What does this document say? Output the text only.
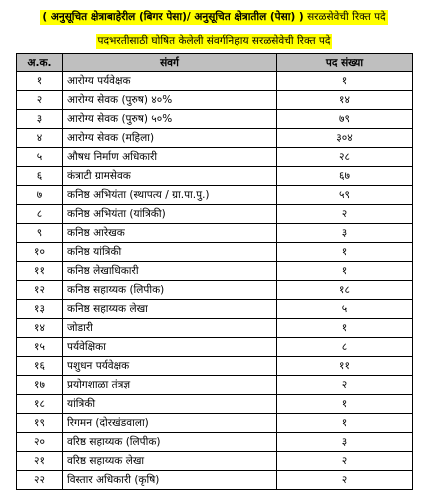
( अनुसूचित क्षेत्राबाहेरील (बिगर पेसा)/ अनुसूचित क्षेत्रातील (पेसा) ) सरळसेवेची रिक्त पदे
पदभरतीसाठी घोषित केलेली संवर्गनिहाय सरळसेवेची रिक्त पदे
अ.क.	संवर्ग	पद संख्या
१	आरोग्य पर्यवेक्षक	१
२	आरोग्य सेवक (पुरुष) ४०%	१४
३	आरोग्य सेवक (पुरुष) ५०%	७९
४	आरोग्य सेवक (महिला)	३०४
५	औषध निर्माण अधिकारी	२८
६	कंत्राटी ग्रामसेवक	६७
७	कनिष्ठ अभियंता (स्थापत्य / ग्रा.पा.पु.)	५९
८	कनिष्ठ अभियंता (यांत्रिकी)	२
९	कनिष्ठ आरेखक	३
१०	कनिष्ठ यांत्रिकी	१
११	कनिष्ठ लेखाधिकारी	१
१२	कनिष्ठ सहाय्यक (लिपीक)	१८
१३	कनिष्ठ सहाय्यक लेखा	५
१४	जोडारी	१
१५	पर्यवेक्षिका	८
१६	पशुधन पर्यवेक्षक	११
१७	प्रयोगशाळा तंत्रज्ञ	२
१८	यांत्रिकी	१
१९	रिगमन (दोरखंडवाला)	१
२०	वरिष्ठ सहाय्यक (लिपीक)	३
२१	वरिष्ठ सहाय्यक लेखा	२
२२	विस्तार अधिकारी (कृषि)	२
